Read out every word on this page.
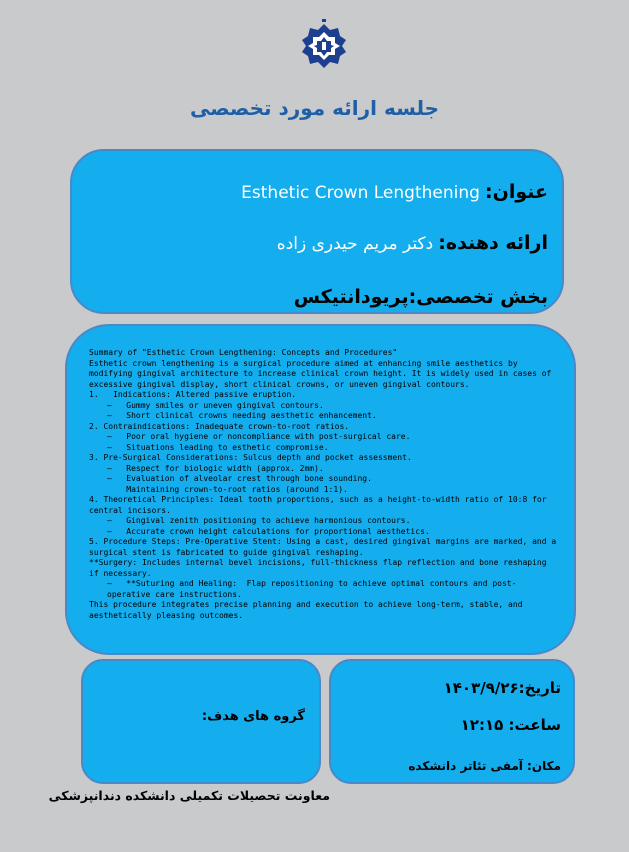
جلسه ارائه مورد تخصصی
عنوان: Esthetic Crown Lengthening
ارائه دهنده: دکتر مریم حیدری زاده
بخش تخصصی:پریودانتیکس
Summary of "Esthetic Crown Lengthening: Concepts and Procedures"
Esthetic crown lengthening is a surgical procedure aimed at enhancing smile aesthetics by modifying gingival architecture to increase clinical crown height. It is widely used in cases of excessive gingival display, short clinical crowns, or uneven gingival contours.
1.   Indications: Altered passive eruption.
–   Gummy smiles or uneven gingival contours.
–   Short clinical crowns needing aesthetic enhancement.
2. Contraindications: Inadequate crown-to-root ratios.
–   Poor oral hygiene or noncompliance with post-surgical care.
–   Situations leading to esthetic compromise.
3. Pre-Surgical Considerations: Sulcus depth and pocket assessment.
–   Respect for biologic width (approx. 2mm).
–   Evaluation of alveolar crest through bone sounding.
Maintaining crown-to-root ratios (around 1:1).
4. Theoretical Principles: Ideal tooth proportions, such as a height-to-width ratio of 10:8 for central incisors.
–   Gingival zenith positioning to achieve harmonious contours.
–   Accurate crown height calculations for proportional aesthetics.
5. Procedure Steps: Pre-Operative Stent: Using a cast, desired gingival margins are marked, and a surgical stent is fabricated to guide gingival reshaping.
**Surgery: Includes internal bevel incisions, full-thickness flap reflection and bone reshaping if necessary.
–   **Suturing and Healing:  Flap repositioning to achieve optimal contours and post-operative care instructions.
This procedure integrates precise planning and execution to achieve long-term, stable, and aesthetically pleasing outcomes.
گروه های هدف:
تاریخ:۱۴۰۳/۹/۲۶
ساعت: ۱۲:۱۵
مکان: آمفی تئاتر دانشکده
معاونت تحصیلات تکمیلی دانشکده دندانپزشکی
